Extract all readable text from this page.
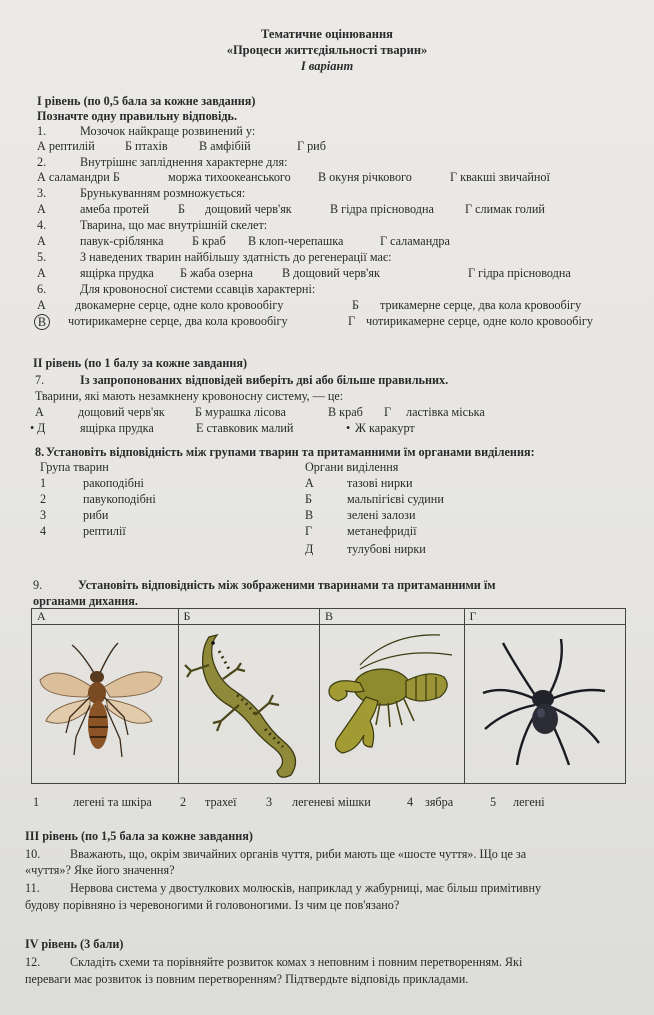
Тематичне оцінювання
«Процеси життєдіяльності тварин»
І варіант
І рівень (по 0,5 бала за кожне завдання)
Позначте одну правильну відповідь.
1.	Мозочок найкраще розвинений у:
А рептилій Б птахів	В амфібій	Г риб
2.	Внутрішнє запліднення характерне для:
А саламандри Б	моржа тихоокеанського В окуня річкового	Г квакші звичайної
3.	Брунькуванням розмножується:
А	амеба протей Б дощовий черв'як	В гідра прісноводна	Г слимак голий
4.	Тварина, що має внутрішній скелет:
А	павук-сріблянка Б краб В клоп-черепашка	Г саламандра
5.	З наведених тварин найбільшу здатність до регенерації має:
А	ящірка прудка Б жаба озерна В дощовий черв'як	Г гідра прісноводна
6.	Для кровоносної системи ссавців характерні:
А двокамерне серце, одне коло кровообігу	Б трикамерне серце, два кола кровообігу
В	чотирикамерне серце, два кола кровообігу	Г чотирикамерне серце, одне коло кровообігу
ІІ рівень (по 1 балу за кожне завдання)
7.	Із запропонованих відповідей виберіть дві або більше правильних.
Тварини, які мають незамкнену кровоносну систему, — це:
А	дощовий черв'як Б мурашка лісова	В краб Г ластівка міська
• Д	ящірка прудка	Е ставковик малий	• Ж каракурт
8. Установіть відповідність між групами тварин та притаманними їм органами виділення:
Група тварин	Органи виділення
1	ракоподібні
2	павукоподібні
3	риби
4	рептилії
А	тазові нирки
Б	мальпігієві судини
В	зелені залози
Г	метанефридії
Д	тулубові нирки
9.	Установіть відповідність між зображеними тваринами та притаманними їм
органами дихання.
А	Б	В	Г

1	легені та шкіра 2 трахеї 3 легеневі мішки	4 зябра	5 легені
ІІІ рівень (по 1,5 бала за кожне завдання)
10. Вважають, що, окрім звичайних органів чуття, риби мають ще «шосте чуття». Що це за
«чуття»? Яке його значення?
11. Нервова система у двостулкових молюсків, наприклад у жабурниці, має більш примітивну
будову порівняно із черевоногими й головоногими. Із чим це пов'язано?
ІV рівень (3 бали)
12. Складіть схеми та порівняйте розвиток комах з неповним і повним перетворенням. Які
переваги має розвиток із повним перетворенням? Підтвердьте відповідь прикладами.
